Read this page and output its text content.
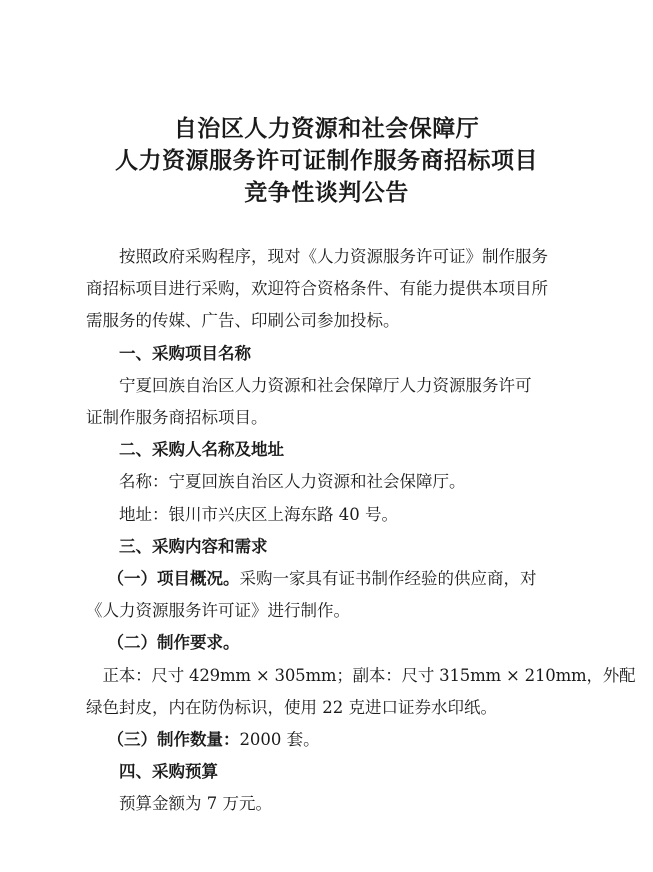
自治区人力资源和社会保障厅
人力资源服务许可证制作服务商招标项目
竞争性谈判公告

按照政府采购程序，现对《人力资源服务许可证》制作服务
商招标项目进行采购，欢迎符合资格条件、有能力提供本项目所
需服务的传媒、广告、印刷公司参加投标。

一、采购项目名称

宁夏回族自治区人力资源和社会保障厅人力资源服务许可
证制作服务商招标项目。

二、采购人名称及地址

名称：宁夏回族自治区人力资源和社会保障厅。

地址：银川市兴庆区上海东路 40 号。

三、采购内容和需求

（一）项目概况。采购一家具有证书制作经验的供应商，对
《人力资源服务许可证》进行制作。

（二）制作要求。

正本：尺寸 429mm × 305mm；副本：尺寸 315mm × 210mm，外配
绿色封皮，内在防伪标识，使用 22 克进口证券水印纸。

（三）制作数量：2000 套。

四、采购预算

预算金额为 7 万元。
